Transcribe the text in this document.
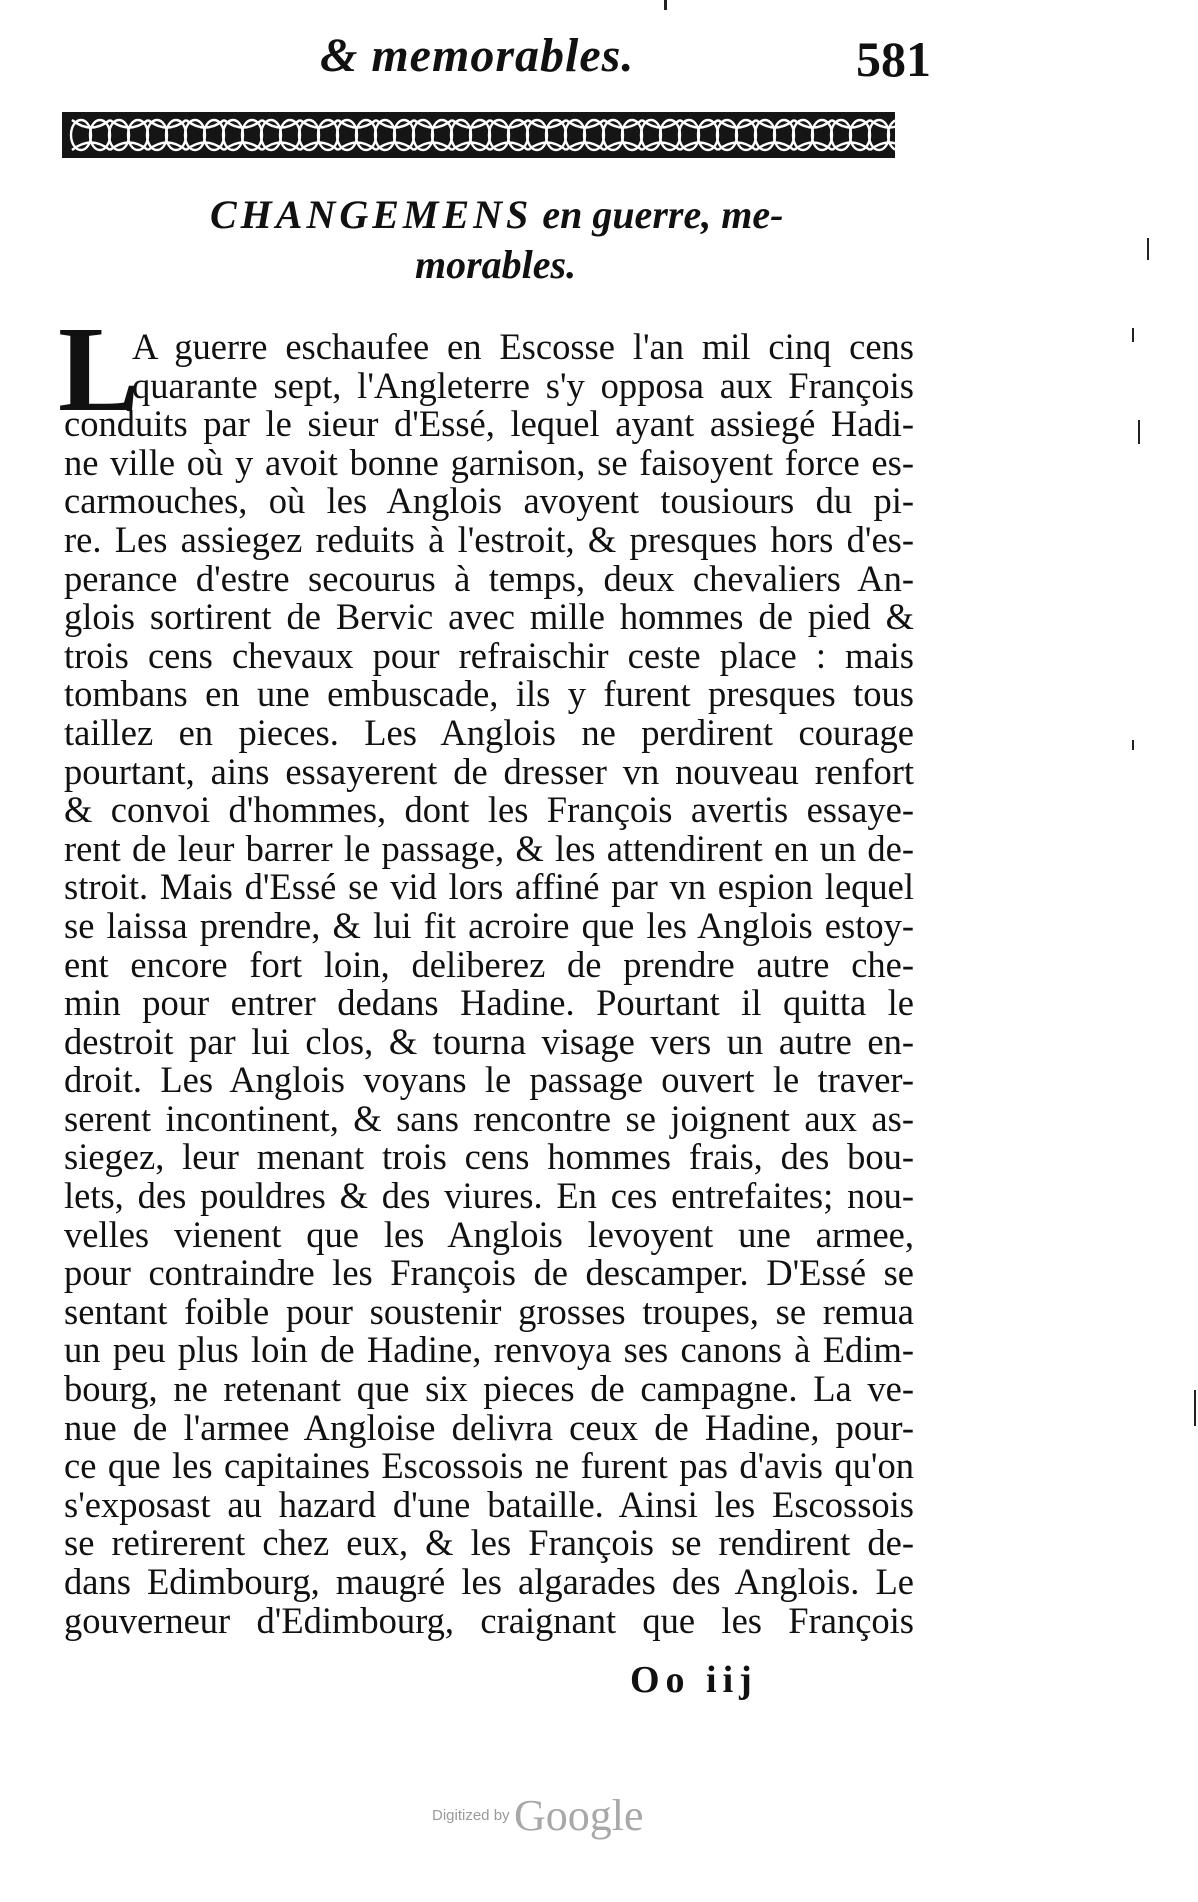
& memorables.	581
CHANGEMENS en guerre, me-
morables.
L
A guerre eschaufee en Escosse l'an mil cinq cens
quarante sept, l'Angleterre s'y opposa aux François
conduits par le sieur d'Essé, lequel ayant assiegé Hadi-
ne ville où y avoit bonne garnison, se faisoyent force es-
carmouches, où les Anglois avoyent tousiours du pi-
re. Les assiegez reduits à l'estroit, & presques hors d'es-
perance d'estre secourus à temps, deux chevaliers An-
glois sortirent de Bervic avec mille hommes de pied &
trois cens chevaux pour refraischir ceste place : mais
tombans en une embuscade, ils y furent presques tous
taillez en pieces. Les Anglois ne perdirent courage
pourtant, ains essayerent de dresser vn nouveau renfort
& convoi d'hommes, dont les François avertis essaye-
rent de leur barrer le passage, & les attendirent en un de-
stroit. Mais d'Essé se vid lors affiné par vn espion lequel
se laissa prendre, & lui fit acroire que les Anglois estoy-
ent encore fort loin, deliberez de prendre autre che-
min pour entrer dedans Hadine. Pourtant il quitta le
destroit par lui clos, & tourna visage vers un autre en-
droit. Les Anglois voyans le passage ouvert le traver-
serent incontinent, & sans rencontre se joignent aux as-
siegez, leur menant trois cens hommes frais, des bou-
lets, des pouldres & des viures. En ces entrefaites; nou-
velles vienent que les Anglois levoyent une armee,
pour contraindre les François de descamper. D'Essé se
sentant foible pour soustenir grosses troupes, se remua
un peu plus loin de Hadine, renvoya ses canons à Edim-
bourg, ne retenant que six pieces de campagne. La ve-
nue de l'armee Angloise delivra ceux de Hadine, pour-
ce que les capitaines Escossois ne furent pas d'avis qu'on
s'exposast au hazard d'une bataille. Ainsi les Escossois
se retirerent chez eux, & les François se rendirent de-
dans Edimbourg, maugré les algarades des Anglois. Le
gouverneur d'Edimbourg, craignant que les François
Oo iij
Digitized by Google
